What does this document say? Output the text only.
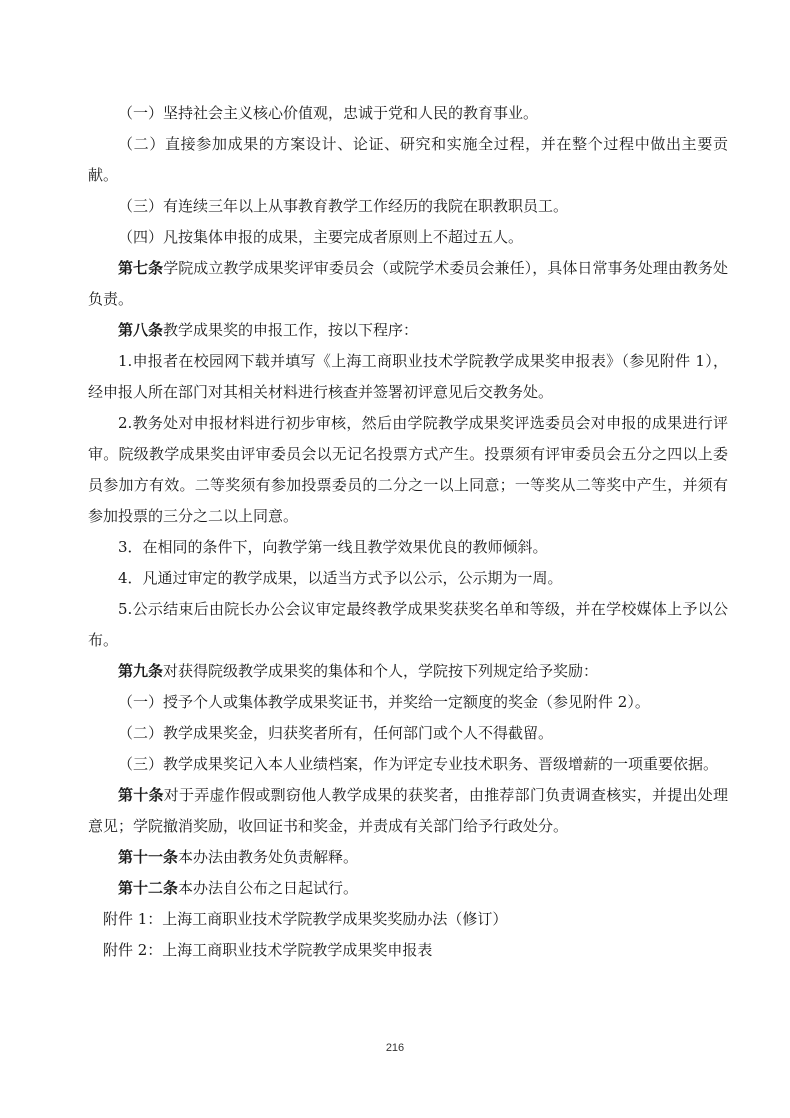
（一）坚持社会主义核心价值观，忠诚于党和人民的教育事业。

（二）直接参加成果的方案设计、论证、研究和实施全过程，并在整个过程中做出主要贡献。

（三）有连续三年以上从事教育教学工作经历的我院在职教职员工。

（四）凡按集体申报的成果，主要完成者原则上不超过五人。

第七条学院成立教学成果奖评审委员会（或院学术委员会兼任），具体日常事务处理由教务处负责。

第八条教学成果奖的申报工作，按以下程序：

1.申报者在校园网下载并填写《上海工商职业技术学院教学成果奖申报表》（参见附件 1），经申报人所在部门对其相关材料进行核查并签署初评意见后交教务处。

2.教务处对申报材料进行初步审核，然后由学院教学成果奖评选委员会对申报的成果进行评审。院级教学成果奖由评审委员会以无记名投票方式产生。投票须有评审委员会五分之四以上委员参加方有效。二等奖须有参加投票委员的二分之一以上同意；一等奖从二等奖中产生，并须有参加投票的三分之二以上同意。

3．在相同的条件下，向教学第一线且教学效果优良的教师倾斜。

4．凡通过审定的教学成果，以适当方式予以公示，公示期为一周。

5.公示结束后由院长办公会议审定最终教学成果奖获奖名单和等级，并在学校媒体上予以公布。

第九条对获得院级教学成果奖的集体和个人，学院按下列规定给予奖励：

（一）授予个人或集体教学成果奖证书，并奖给一定额度的奖金（参见附件 2）。

（二）教学成果奖金，归获奖者所有，任何部门或个人不得截留。

（三）教学成果奖记入本人业绩档案，作为评定专业技术职务、晋级增薪的一项重要依据。

第十条对于弄虚作假或剽窃他人教学成果的获奖者，由推荐部门负责调查核实，并提出处理意见；学院撤消奖励，收回证书和奖金，并责成有关部门给予行政处分。

第十一条本办法由教务处负责解释。

第十二条本办法自公布之日起试行。

附件 1：上海工商职业技术学院教学成果奖奖励办法（修订）

附件 2：上海工商职业技术学院教学成果奖申报表

216
